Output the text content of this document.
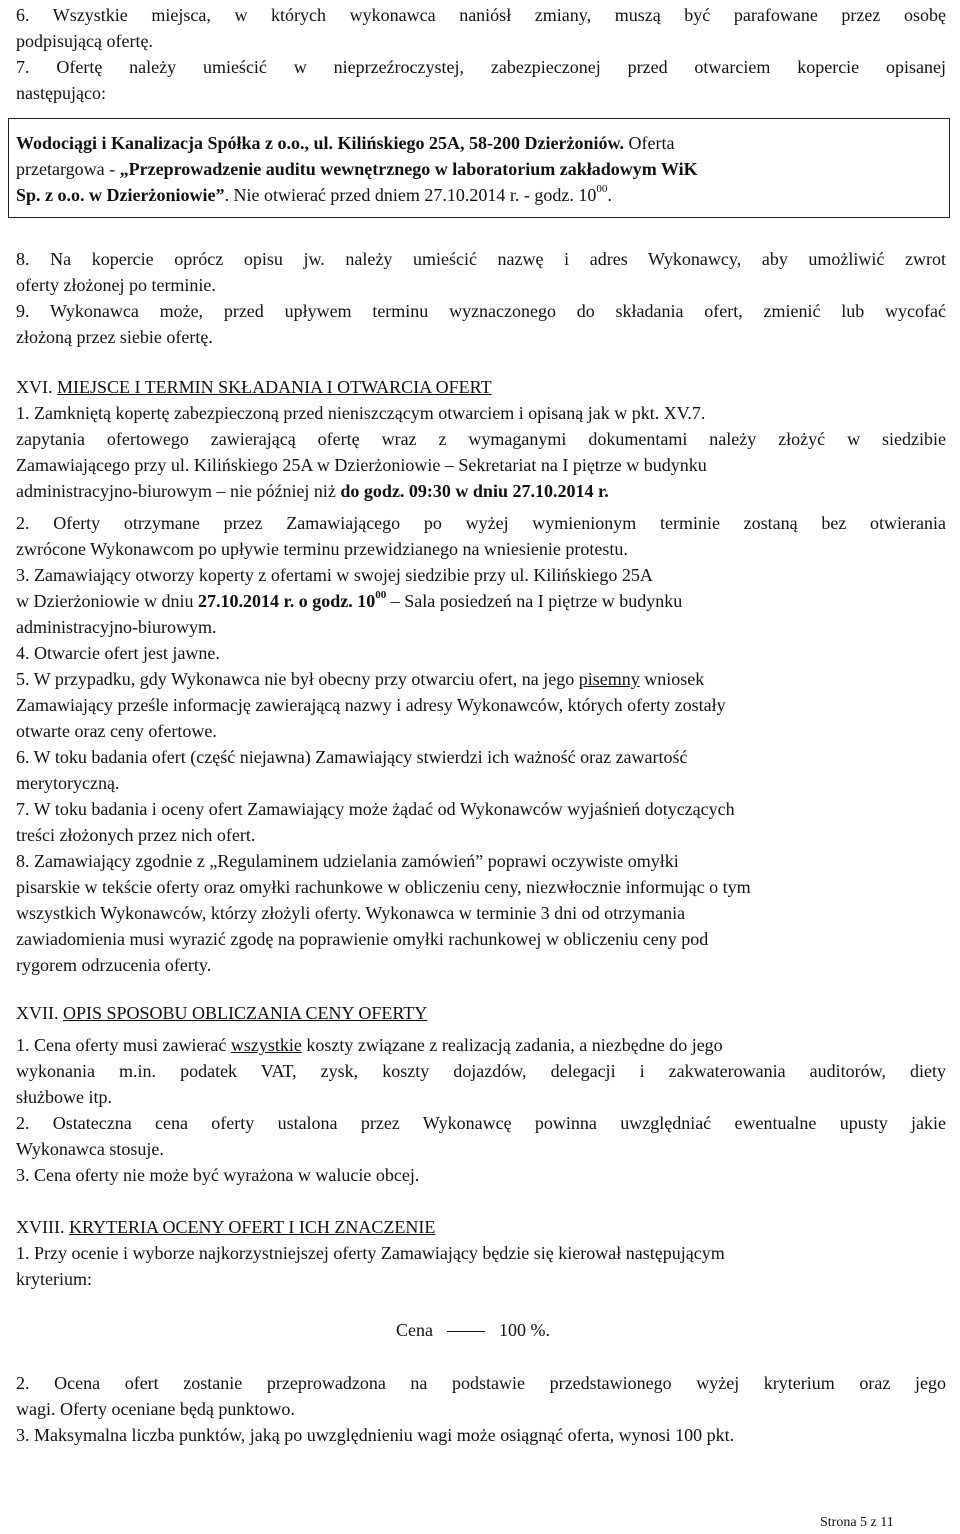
6. Wszystkie miejsca, w których wykonawca naniósł zmiany, muszą być parafowane przez osobę
podpisującą ofertę.
7. Ofertę należy umieścić w nieprzeźroczystej, zabezpieczonej przed otwarciem kopercie opisanej
następująco:
Wodociągi i Kanalizacja Spółka z o.o., ul. Kilińskiego 25A, 58-200 Dzierżoniów. Oferta
przetargowa - „Przeprowadzenie auditu wewnętrznego w laboratorium zakładowym WiK
Sp. z o.o. w Dzierżoniowie”. Nie otwierać przed dniem 27.10.2014 r. - godz. $10^{00}$.
8. Na kopercie oprócz opisu jw. należy umieścić nazwę i adres Wykonawcy, aby umożliwić zwrot
oferty złożonej po terminie.
9. Wykonawca może, przed upływem terminu wyznaczonego do składania ofert, zmienić lub wycofać
złożoną przez siebie ofertę.
XVI. MIEJSCE I TERMIN SKŁADANIA I OTWARCIA OFERT
1. Zamkniętą kopertę zabezpieczoną przed nieniszczącym otwarciem i opisaną jak w pkt. XV.7.
zapytania ofertowego zawierającą ofertę wraz z wymaganymi dokumentami należy złożyć w siedzibie
Zamawiającego przy ul. Kilińskiego 25A w Dzierżoniowie – Sekretariat na I piętrze w budynku
administracyjno-biurowym – nie później niż do godz. 09:30 w dniu 27.10.2014 r.
2. Oferty otrzymane przez Zamawiającego po wyżej wymienionym terminie zostaną bez otwierania
zwrócone Wykonawcom po upływie terminu przewidzianego na wniesienie protestu.
3. Zamawiający otworzy koperty z ofertami w swojej siedzibie przy ul. Kilińskiego 25A
w Dzierżoniowie w dniu 27.10.2014 r. o godz. $10^{00}$ – Sala posiedzeń na I piętrze w budynku
administracyjno-biurowym.
4. Otwarcie ofert jest jawne.
5. W przypadku, gdy Wykonawca nie był obecny przy otwarciu ofert, na jego pisemny wniosek
Zamawiający prześle informację zawierającą nazwy i adresy Wykonawców, których oferty zostały
otwarte oraz ceny ofertowe.
6. W toku badania ofert (część niejawna) Zamawiający stwierdzi ich ważność oraz zawartość
merytoryczną.
7. W toku badania i oceny ofert Zamawiający może żądać od Wykonawców wyjaśnień dotyczących
treści złożonych przez nich ofert.
8. Zamawiający zgodnie z „Regulaminem udzielania zamówień” poprawi oczywiste omyłki
pisarskie w tekście oferty oraz omyłki rachunkowe w obliczeniu ceny, niezwłocznie informując o tym
wszystkich Wykonawców, którzy złożyli oferty. Wykonawca w terminie 3 dni od otrzymania
zawiadomienia musi wyrazić zgodę na poprawienie omyłki rachunkowej w obliczeniu ceny pod
rygorem odrzucenia oferty.
XVII. OPIS SPOSOBU OBLICZANIA CENY OFERTY
1. Cena oferty musi zawierać wszystkie koszty związane z realizacją zadania, a niezbędne do jego
wykonania m.in. podatek VAT, zysk, koszty dojazdów, delegacji i zakwaterowania auditorów, diety
służbowe itp.
2. Ostateczna cena oferty ustalona przez Wykonawcę powinna uwzględniać ewentualne upusty jakie
Wykonawca stosuje.
3. Cena oferty nie może być wyrażona w walucie obcej.
XVIII. KRYTERIA OCENY OFERT I ICH ZNACZENIE
1. Przy ocenie i wyborze najkorzystniejszej oferty Zamawiający będzie się kierował następującym
kryterium:
Cena	100 %.
2. Ocena ofert zostanie przeprowadzona na podstawie przedstawionego wyżej kryterium oraz jego
wagi. Oferty oceniane będą punktowo.
3. Maksymalna liczba punktów, jaką po uwzględnieniu wagi może osiągnąć oferta, wynosi 100 pkt.
Strona 5 z 11
